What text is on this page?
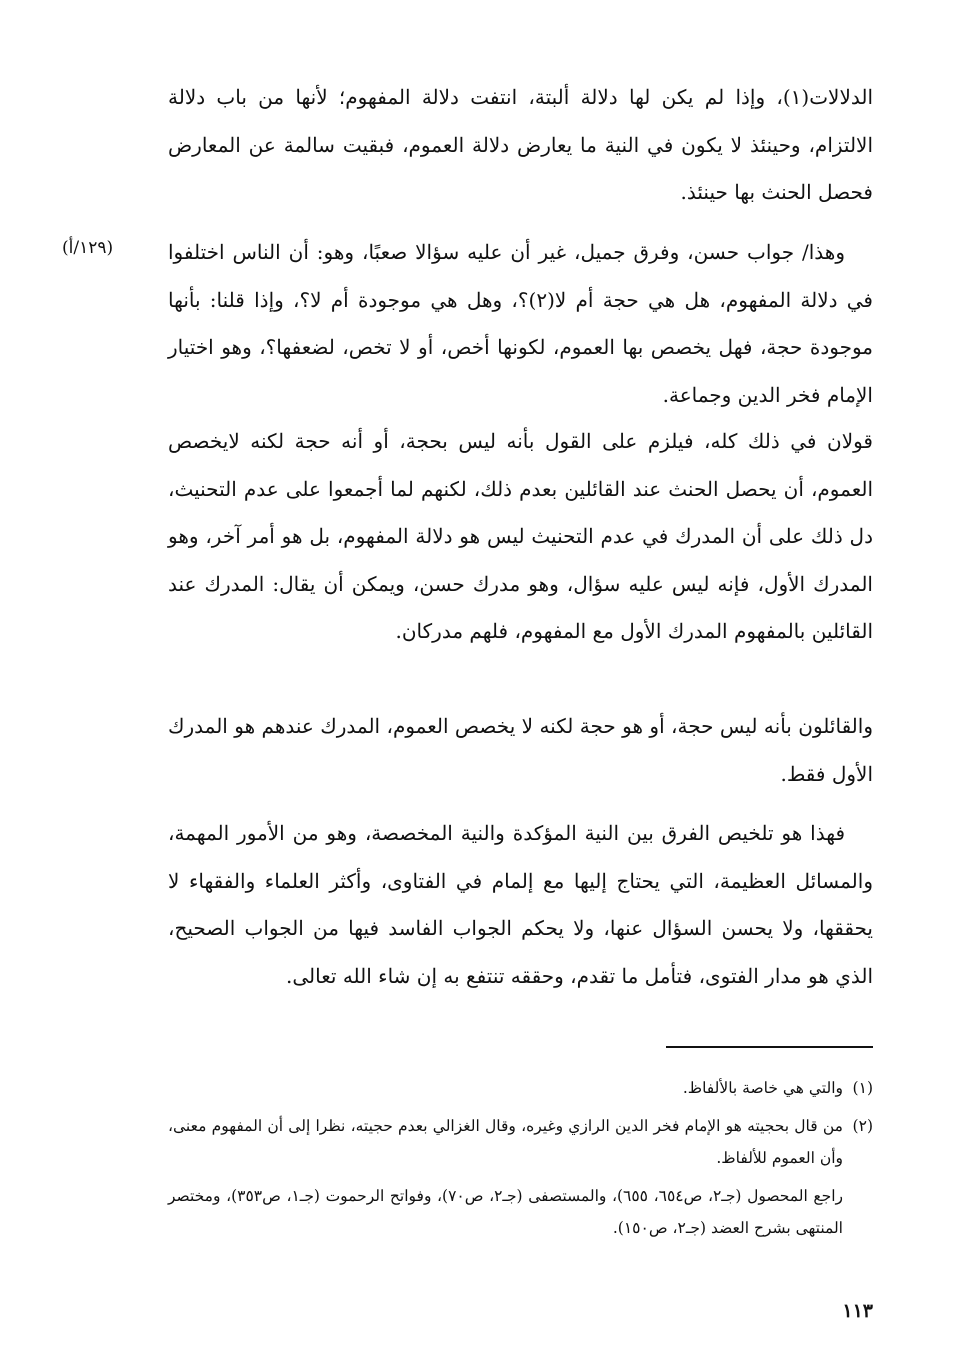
الدلالات(١)، وإذا لم يكن لها دلالة ألبتة، انتفت دلالة المفهوم؛ لأنها من باب دلالة الالتزام، وحينئذ لا يكون في النية ما يعارض دلالة العموم، فبقيت سالمة عن المعارض فحصل الحنث بها حينئذ.

(١٢٩/أ)	وهذا/ جواب حسن، وفرق جميل، غير أن عليه سؤالا صعبًا، وهو: أن الناس اختلفوا في دلالة المفهوم، هل هي حجة أم لا(٢)؟، وهل هي موجودة أم لا؟، وإذا قلنا: بأنها موجودة حجة، فهل يخصص بها العموم، لكونها أخص، أو لا تخص، لضعفها؟، وهو اختيار الإمام فخر الدين وجماعة.

قولان في ذلك كله، فيلزم على القول بأنه ليس بحجة، أو أنه حجة لكنه لايخصص العموم، أن يحصل الحنث عند القائلين بعدم ذلك، لكنهم لما أجمعوا على عدم التحنيث، دل ذلك على أن المدرك في عدم التحنيث ليس هو دلالة المفهوم، بل هو أمر آخر، وهو المدرك الأول، فإنه ليس عليه سؤال، وهو مدرك حسن، ويمكن أن يقال: المدرك عند القائلين بالمفهوم المدرك الأول مع المفهوم، فلهم مدركان.

والقائلون بأنه ليس حجة، أو هو حجة لكنه لا يخصص العموم، المدرك عندهم هو المدرك الأول فقط.

فهذا هو تلخيص الفرق بين النية المؤكدة والنية المخصصة، وهو من الأمور المهمة، والمسائل العظيمة، التي يحتاج إليها مع إلمام في الفتاوى، وأكثر العلماء والفقهاء لا يحققها، ولا يحسن السؤال عنها، ولا يحكم الجواب الفاسد فيها من الجواب الصحيح، الذي هو مدار الفتوى، فتأمل ما تقدم، وحققه تنتفع به إن شاء الله تعالى.

(١)
والتي هي خاصة بالألفاظ.

(٢)
من قال بحجيته هو الإمام فخر الدين الرازي وغيره، وقال الغزالي بعدم حجيته، نظرا إلى أن المفهوم معنى، وأن العموم للألفاظ.

راجع المحصول (جـ٢، ص٦٥٤، ٦٥٥)، والمستصفى (جـ٢، ص٧٠)، وفواتح الرحموت (جـ١، ص٣٥٣)، ومختصر المنتهى بشرح العضد (جـ٢، ص١٥٠).

١١٣
